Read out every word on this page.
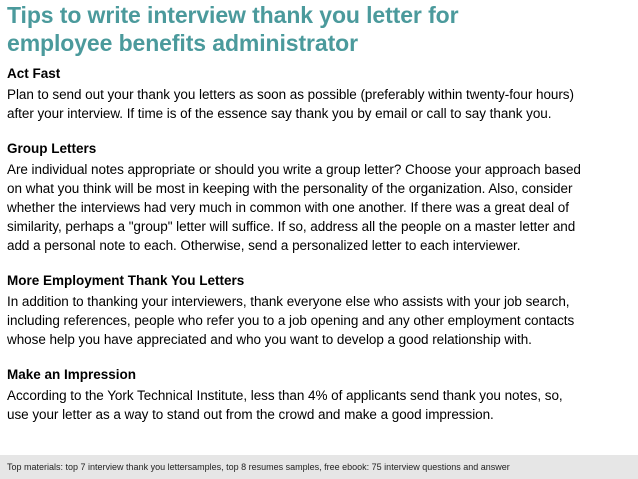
Tips to write interview thank you letter for
employee benefits administrator
Act Fast

Plan to send out your thank you letters as soon as possible (preferably within twenty-four hours)
after your interview. If time is of the essence say thank you by email or call to say thank you.

Group Letters

Are individual notes appropriate or should you write a group letter? Choose your approach based
on what you think will be most in keeping with the personality of the organization. Also, consider
whether the interviews had very much in common with one another. If there was a great deal of
similarity, perhaps a "group" letter will suffice. If so, address all the people on a master letter and
add a personal note to each. Otherwise, send a personalized letter to each interviewer.

More Employment Thank You Letters

In addition to thanking your interviewers, thank everyone else who assists with your job search,
including references, people who refer you to a job opening and any other employment contacts
whose help you have appreciated and who you want to develop a good relationship with.

Make an Impression

According to the York Technical Institute, less than 4% of applicants send thank you notes, so,
use your letter as a way to stand out from the crowd and make a good impression.

Top materials: top 7 interview thank you lettersamples, top 8 resumes samples, free ebook: 75 interview questions and answer
